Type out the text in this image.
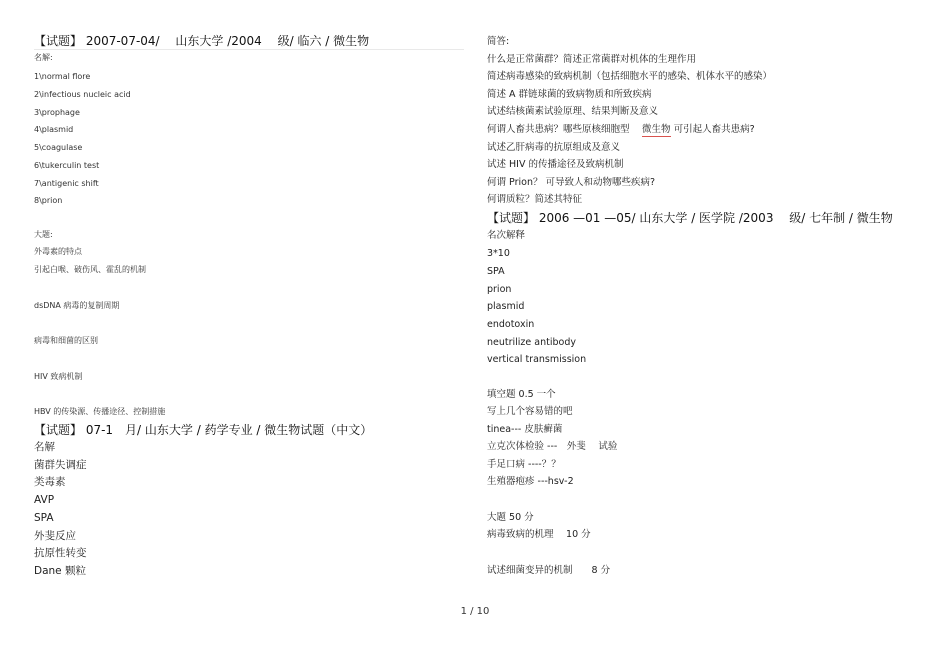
【试题】 2007-07-04/　 山东大学 /2004　 级/ 临六 / 微生物
名解:
1\normal flore
2\infectious nucleic acid
3\prophage
4\plasmid
5\coagulase
6\tukerculin test
7\antigenic shift
8\prion
大题:
外毒素的特点
引起白喉、破伤风、霍乱的机制
dsDNA 病毒的复制周期
病毒和细菌的区别
HIV 致病机制
HBV 的传染源、传播途径、控制措施
【试题】 07-1　月/ 山东大学 / 药学专业 / 微生物试题（中文）
名解
菌群失调症
类毒素
AVP
SPA
外斐反应
抗原性转变
Dane 颗粒
简答:
什么是正常菌群？简述正常菌群对机体的生理作用
简述病毒感染的致病机制（包括细胞水平的感染、机体水平的感染）
简述 A 群链球菌的致病物质和所致疾病
试述结核菌素试验原理、结果判断及意义
何谓人畜共患病？哪些原核细胞型　 微生物 可引起人畜共患病?
试述乙肝病毒的抗原组成及意义
试述 HIV 的传播途径及致病机制
何谓 Prion？ 可导致人和动物哪些疾病?
何谓质粒？简述其特征
【试题】 2006 —01 —05/ 山东大学 / 医学院 /2003　 级/ 七年制 / 微生物
名次解释
3*10
SPA
prion
plasmid
endotoxin
neutrilize antibody
vertical transmission
填空题 0.5 一个
写上几个容易错的吧
tinea--- 皮肤癣菌
立克次体检验 ---　外斐　 试验
手足口病 ----？？
生殖器疱疹 ---hsv-2
大题 50 分
病毒致病的机理　 10 分
试述细菌变异的机制　　8 分
1 / 10
